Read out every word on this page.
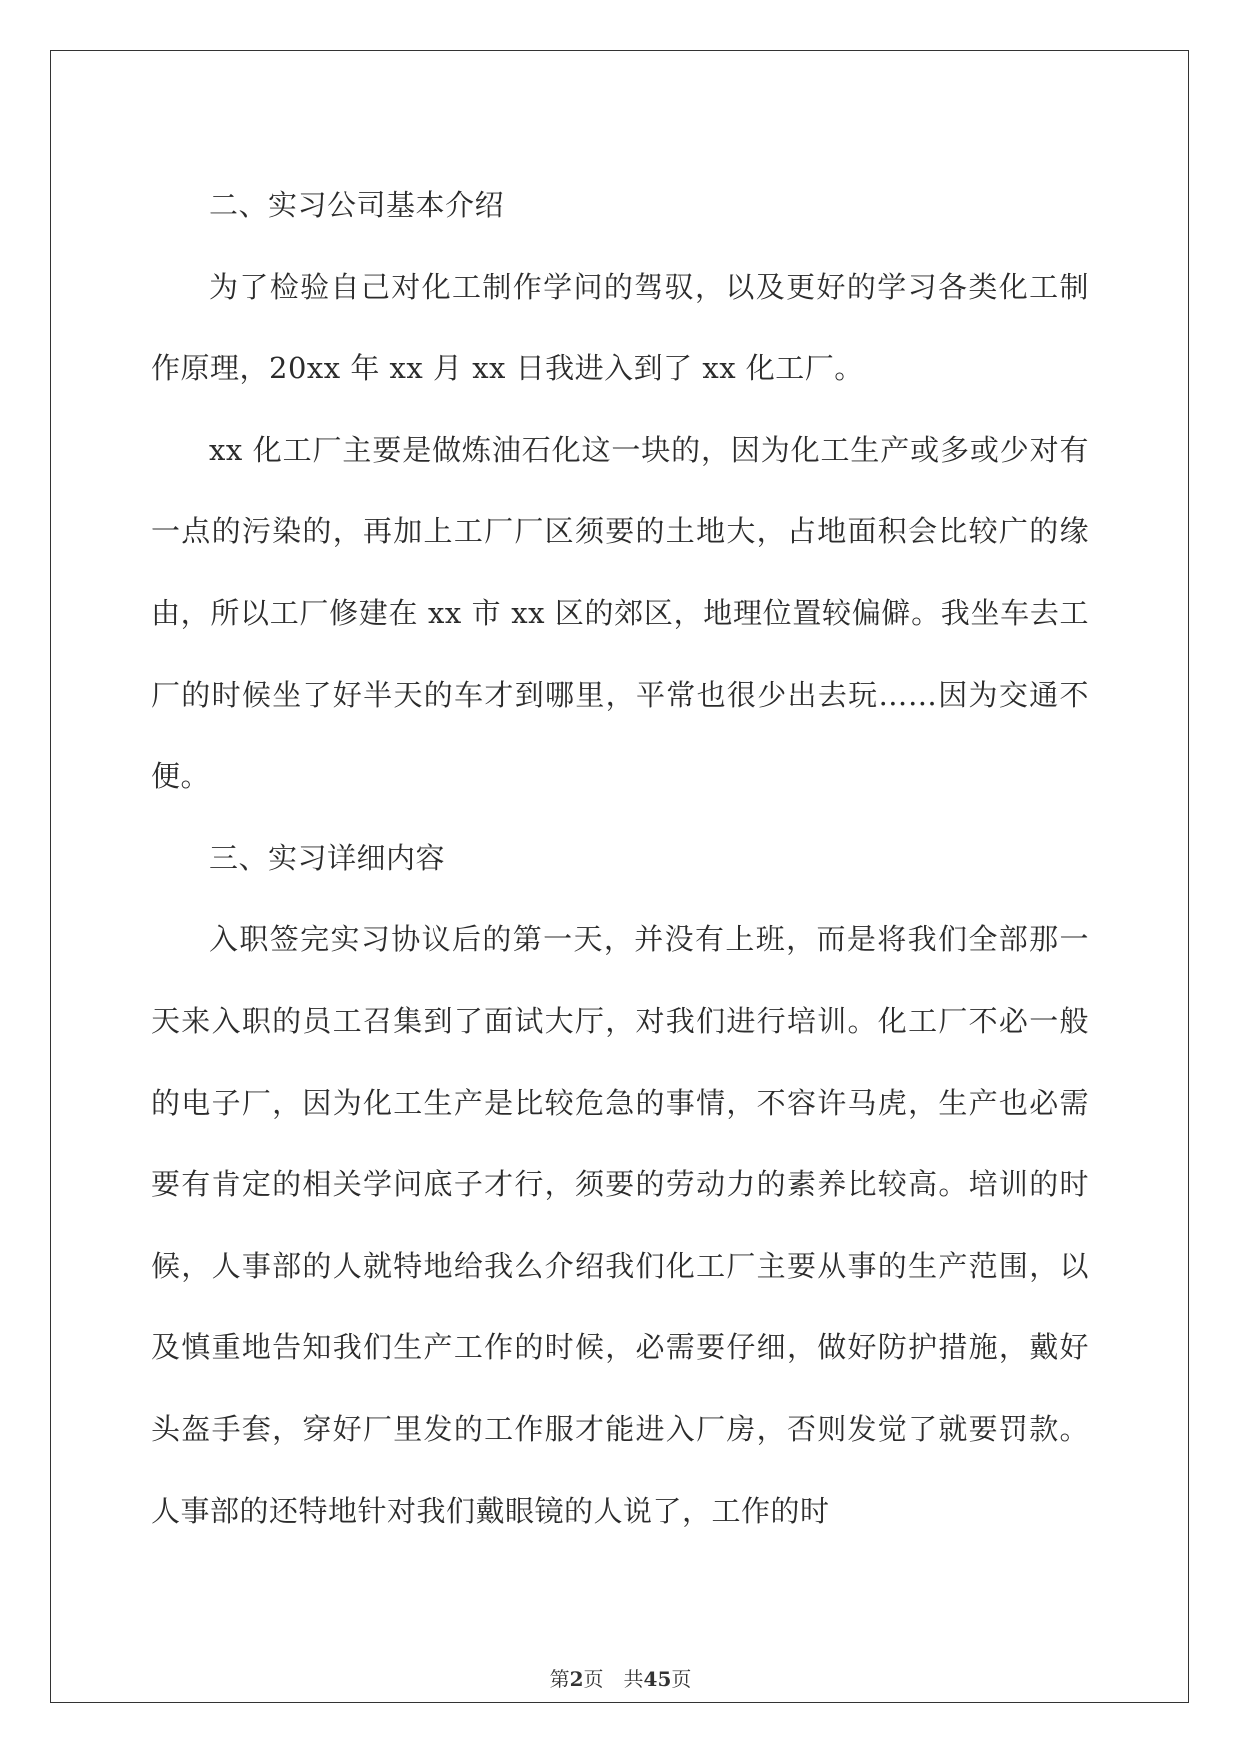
二、实习公司基本介绍

为了检验自己对化工制作学问的驾驭，以及更好的学习各类化工制作原理，20xx 年 xx 月 xx 日我进入到了 xx 化工厂。

xx 化工厂主要是做炼油石化这一块的，因为化工生产或多或少对有一点的污染的，再加上工厂厂区须要的土地大，占地面积会比较广的缘由，所以工厂修建在 xx 市 xx 区的郊区，地理位置较偏僻。我坐车去工厂的时候坐了好半天的车才到哪里，平常也很少出去玩……因为交通不便。

三、实习详细内容

入职签完实习协议后的第一天，并没有上班，而是将我们全部那一天来入职的员工召集到了面试大厅，对我们进行培训。化工厂不必一般的电子厂，因为化工生产是比较危急的事情，不容许马虎，生产也必需要有肯定的相关学问底子才行，须要的劳动力的素养比较高。培训的时候，人事部的人就特地给我么介绍我们化工厂主要从事的生产范围，以及慎重地告知我们生产工作的时候，必需要仔细，做好防护措施，戴好头盔手套，穿好厂里发的工作服才能进入厂房，否则发觉了就要罚款。人事部的还特地针对我们戴眼镜的人说了，工作的时

第2页 共45页
